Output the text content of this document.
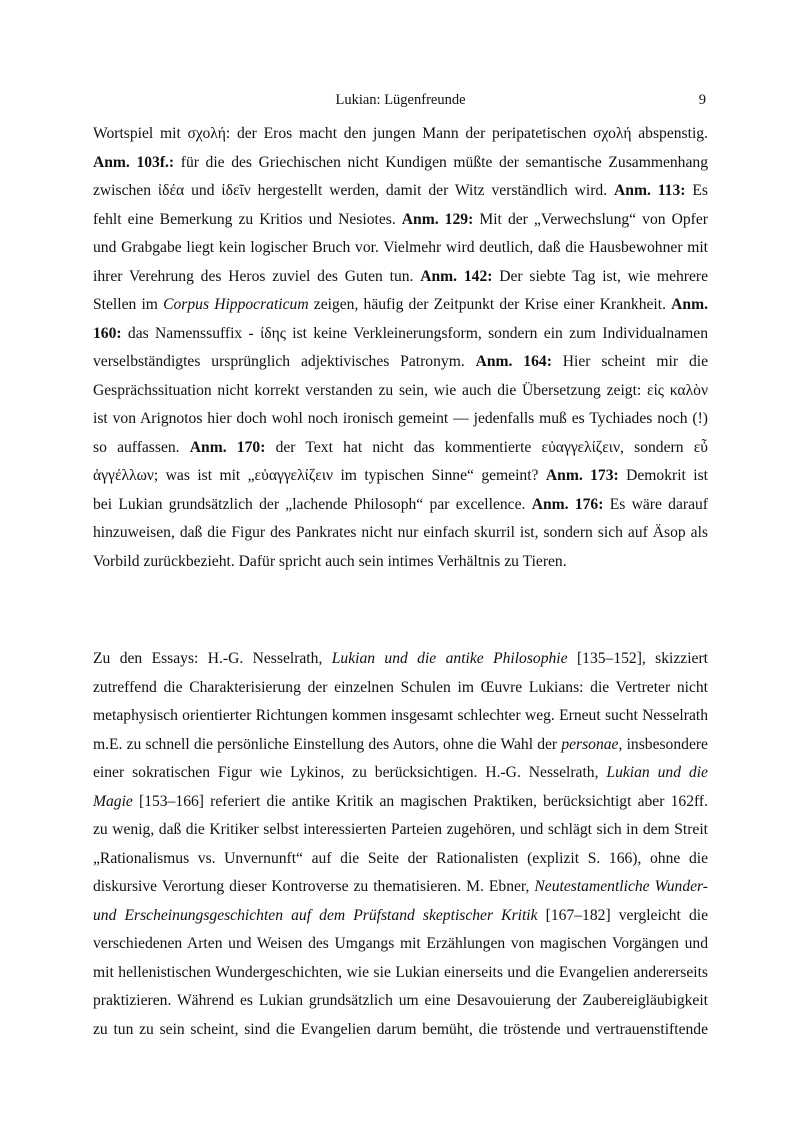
Lukian: Lügenfreunde	9
Wortspiel mit σχολή: der Eros macht den jungen Mann der peripatetischen σχολή abspenstig.
Anm. 103f.: für die des Griechischen nicht Kundigen müßte der semantische Zusammenhang
zwischen ἰδέα und ἰδεῖν hergestellt werden, damit der Witz verständlich wird. Anm. 113: Es
fehlt eine Bemerkung zu Kritios und Nesiotes. Anm. 129: Mit der „Verwechslung“ von Opfer
und Grabgabe liegt kein logischer Bruch vor. Vielmehr wird deutlich, daß die Hausbewohner mit
ihrer Verehrung des Heros zuviel des Guten tun. Anm. 142: Der siebte Tag ist, wie mehrere
Stellen im Corpus Hippocraticum zeigen, häufig der Zeitpunkt der Krise einer Krankheit. Anm.
160: das Namenssuffix - ίδης ist keine Verkleinerungsform, sondern ein zum Individualnamen
verselbständigtes ursprünglich adjektivisches Patronym. Anm. 164: Hier scheint mir die
Gesprächssituation nicht korrekt verstanden zu sein, wie auch die Übersetzung zeigt: εἰς καλὸν
ist von Arignotos hier doch wohl noch ironisch gemeint — jedenfalls muß es Tychiades noch (!)
so auffassen. Anm. 170: der Text hat nicht das kommentierte εὐαγγελίζειν, sondern εὖ
ἀγγέλλων; was ist mit „εὐαγγελίζειν im typischen Sinne“ gemeint? Anm. 173: Demokrit ist
bei Lukian grundsätzlich der „lachende Philosoph“ par excellence. Anm. 176: Es wäre darauf
hinzuweisen, daß die Figur des Pankrates nicht nur einfach skurril ist, sondern sich auf Äsop als
Vorbild zurückbezieht. Dafür spricht auch sein intimes Verhältnis zu Tieren.
Zu den Essays: H.-G. Nesselrath, Lukian und die antike Philosophie [135–152], skizziert
zutreffend die Charakterisierung der einzelnen Schulen im Œuvre Lukians: die Vertreter nicht
metaphysisch orientierter Richtungen kommen insgesamt schlechter weg. Erneut sucht Nesselrath
m.E. zu schnell die persönliche Einstellung des Autors, ohne die Wahl der personae, insbesondere
einer sokratischen Figur wie Lykinos, zu berücksichtigen. H.-G. Nesselrath, Lukian und die
Magie [153–166] referiert die antike Kritik an magischen Praktiken, berücksichtigt aber 162ff.
zu wenig, daß die Kritiker selbst interessierten Parteien zugehören, und schlägt sich in dem Streit
„Rationalismus vs. Unvernunft“ auf die Seite der Rationalisten (explizit S. 166), ohne die
diskursive Verortung dieser Kontroverse zu thematisieren. M. Ebner, Neutestamentliche Wunder-
und Erscheinungsgeschichten auf dem Prüfstand skeptischer Kritik [167–182] vergleicht die
verschiedenen Arten und Weisen des Umgangs mit Erzählungen von magischen Vorgängen und
mit hellenistischen Wundergeschichten, wie sie Lukian einerseits und die Evangelien andererseits
praktizieren. Während es Lukian grundsätzlich um eine Desavouierung der Zaubereigläubigkeit
zu tun zu sein scheint, sind die Evangelien darum bemüht, die tröstende und vertrauenstiftende
